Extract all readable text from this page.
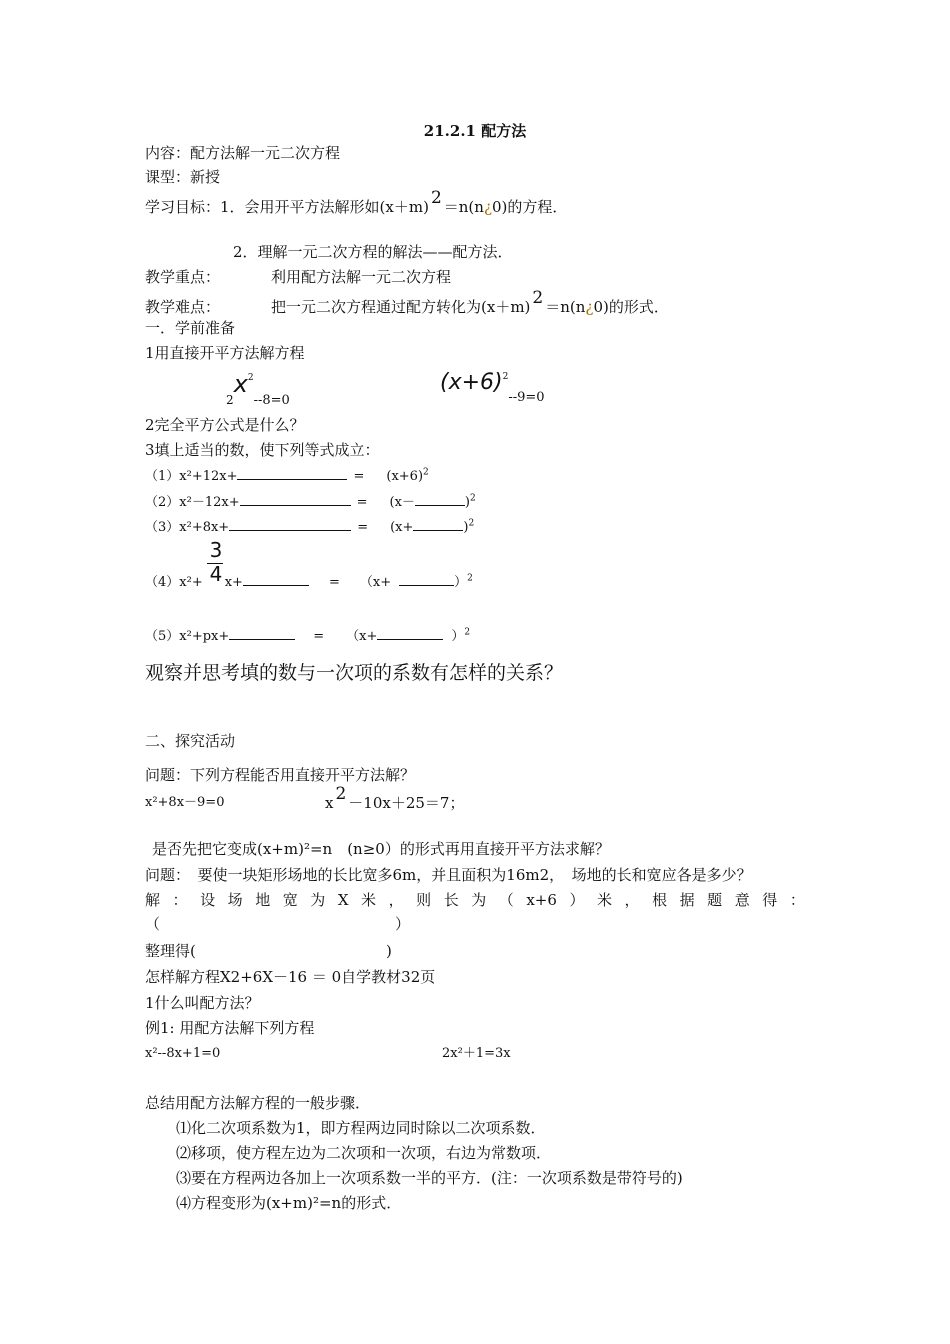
21.2.1 配方法
内容：配方法解一元二次方程
课型：新授
学习目标：1．会用开平方法解形如(x＋m) 2 ＝n(n¿0)的方程．
2．理解一元二次方程的解法——配方法．
教学重点：	利用配方法解一元二次方程
教学难点：	把一元二次方程通过配方转化为(x＋m) 2 ＝n(n¿0)的形式．
一．学前准备
1用直接开平方法解方程
$_2x^2--8=0$
$(x+6)^2--9=0$
2完全平方公式是什么？
3填上适当的数，使下列等式成立：
（1）x²+12x+	= $(x+6)^2$
（2）x²－12x+	= (x－	)$^2$
（3）x²+8x+	= (x+	)$^2$
3
4
（4）x²+ x+	= （x+	）$^2$
（5）x²+px+	= （x+	）$^2$
观察并思考填的数与一次项的系数有怎样的关系？
二、探究活动
问题：下列方程能否用直接开平方法解？
x²+8x－9=0	x 2 －10x＋25＝7；
是否先把它变成(x+m)²=n　(n≥0）的形式再用直接开平方法求解？
问题：　要使一块矩形场地的长比宽多6m，并且面积为16m2，　场地的长和宽应各是多少？
解 ： 设 场 地 宽 为 X 米 ， 则 长 为 （ x+6 ） 米 ， 根 据 题 意 得 ：
（	）
整理得(	)
怎样解方程X2+6X－16 ＝ 0自学教材32页
1什么叫配方法？
例1: 用配方法解下列方程
x²--8x+1=0	2x²＋1=3x
总结用配方法解方程的一般步骤．
⑴化二次项系数为1，即方程两边同时除以二次项系数．
⑵移项，使方程左边为二次项和一次项，右边为常数项．
⑶要在方程两边各加上一次项系数一半的平方．(注：一次项系数是带符号的)
⑷方程变形为(x+m)²=n的形式．
